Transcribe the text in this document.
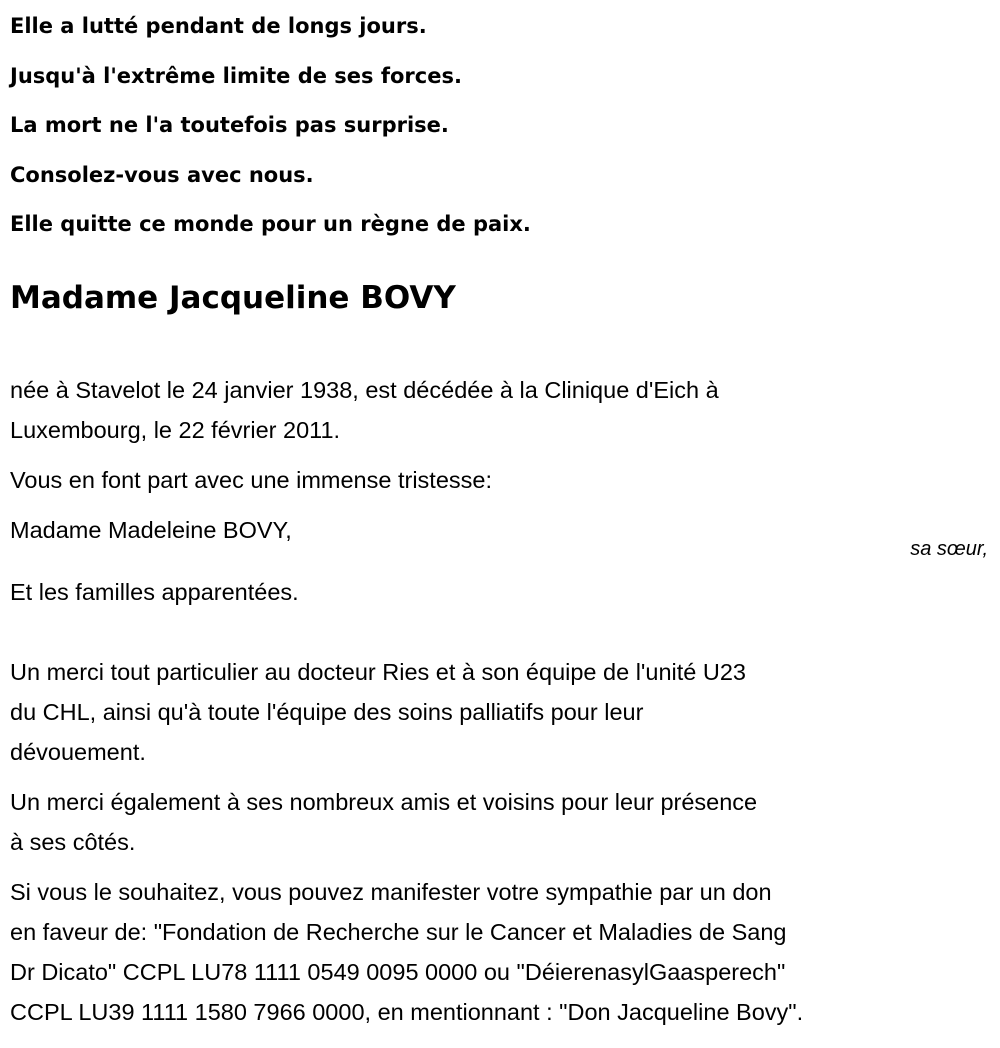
Elle a lutté pendant de longs jours.
Jusqu'à l'extrême limite de ses forces.
La mort ne l'a toutefois pas surprise.
Consolez-vous avec nous.
Elle quitte ce monde pour un règne de paix.
Madame Jacqueline BOVY
née à Stavelot le 24 janvier 1938, est décédée à la Clinique d'Eich à
Luxembourg, le 22 février 2011.
Vous en font part avec une immense tristesse:
Madame Madeleine BOVY,
sa sœur,
Et les familles apparentées.
Un merci tout particulier au docteur Ries et à son équipe de l'unité U23
du CHL, ainsi qu'à toute l'équipe des soins palliatifs pour leur
dévouement.
Un merci également à ses nombreux amis et voisins pour leur présence
à ses côtés.
Si vous le souhaitez, vous pouvez manifester votre sympathie par un don
en faveur de: "Fondation de Recherche sur le Cancer et Maladies de Sang
Dr Dicato" CCPL LU78 1111 0549 0095 0000 ou "DéierenasylGaasperech"
CCPL LU39 1111 1580 7966 0000, en mentionnant : "Don Jacqueline Bovy".
